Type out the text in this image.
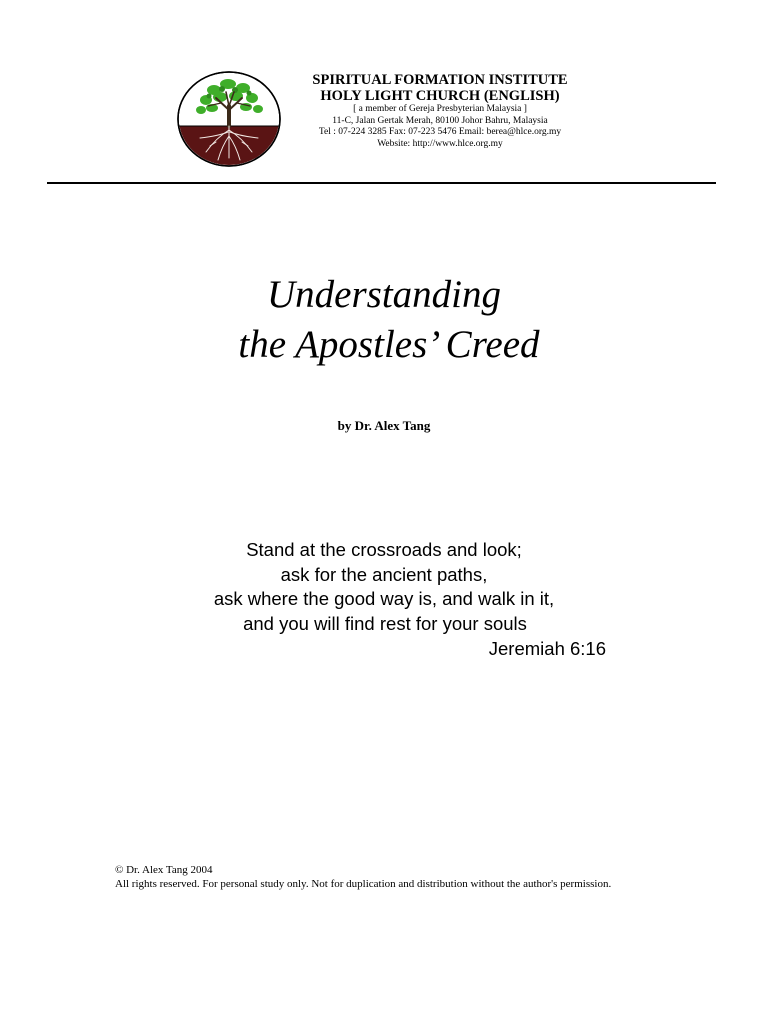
SPIRITUAL FORMATION INSTITUTE
HOLY LIGHT CHURCH (ENGLISH)
[ a member of Gereja Presbyterian Malaysia ]
11-C, Jalan Gertak Merah, 80100 Johor Bahru, Malaysia
Tel : 07-224 3285 Fax: 07-223 5476 Email: berea@hlce.org.my
Website: http://www.hlce.org.my
Understanding
the Apostles’ Creed
by Dr. Alex Tang
Stand at the crossroads and look;
ask for the ancient paths,
ask where the good way is, and walk in it,
and you will find rest for your souls
Jeremiah 6:16
© Dr. Alex Tang 2004
All rights reserved. For personal study only. Not for duplication and distribution without the author's permission.
